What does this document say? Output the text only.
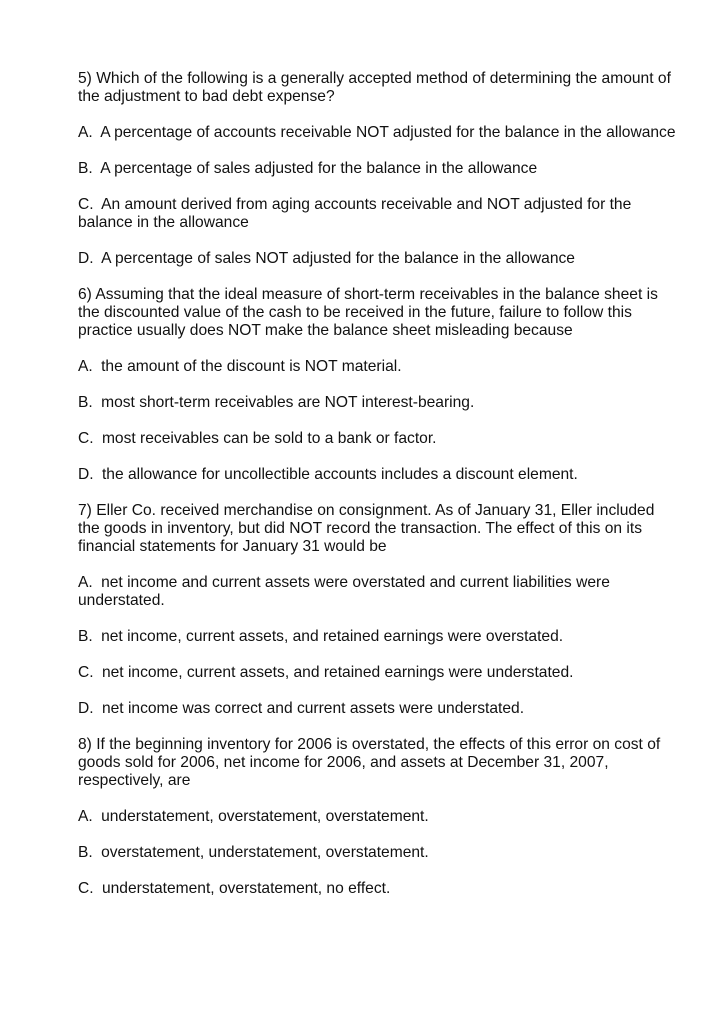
5) Which of the following is a generally accepted method of determining the amount of the adjustment to bad debt expense?

A. A percentage of accounts receivable NOT adjusted for the balance in the allowance

B. A percentage of sales adjusted for the balance in the allowance

C. An amount derived from aging accounts receivable and NOT adjusted for the balance in the allowance

D. A percentage of sales NOT adjusted for the balance in the allowance

6) Assuming that the ideal measure of short-term receivables in the balance sheet is the discounted value of the cash to be received in the future, failure to follow this practice usually does NOT make the balance sheet misleading because

A. the amount of the discount is NOT material.

B. most short-term receivables are NOT interest-bearing.

C. most receivables can be sold to a bank or factor.

D. the allowance for uncollectible accounts includes a discount element.

7) Eller Co. received merchandise on consignment. As of January 31, Eller included the goods in inventory, but did NOT record the transaction. The effect of this on its financial statements for January 31 would be

A. net income and current assets were overstated and current liabilities were understated.

B. net income, current assets, and retained earnings were overstated.

C. net income, current assets, and retained earnings were understated.

D. net income was correct and current assets were understated.

8) If the beginning inventory for 2006 is overstated, the effects of this error on cost of goods sold for 2006, net income for 2006, and assets at December 31, 2007, respectively, are

A. understatement, overstatement, overstatement.

B. overstatement, understatement, overstatement.

C. understatement, overstatement, no effect.
